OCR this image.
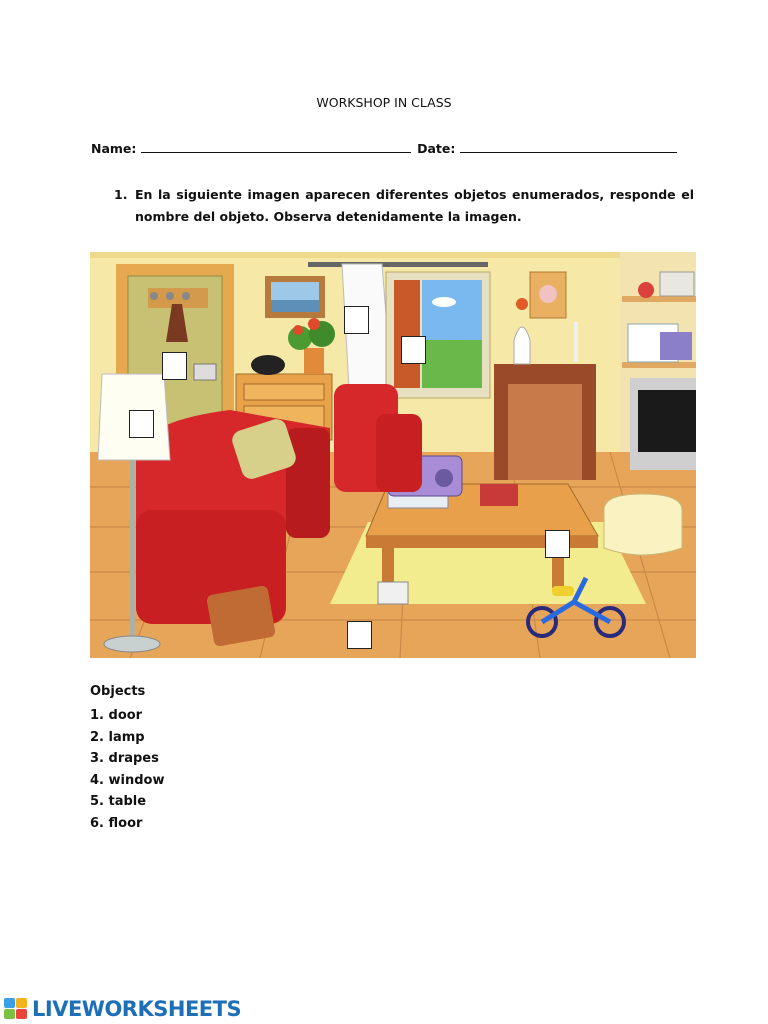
WORKSHOP IN CLASS
Name:	Date:
1. En la siguiente imagen aparecen diferentes objetos enumerados, responde el nombre del objeto. Observa detenidamente la imagen.
Objects
1. door
2. lamp
3. drapes
4. window
5. table
6. floor
LIVEWORKSHEETS
